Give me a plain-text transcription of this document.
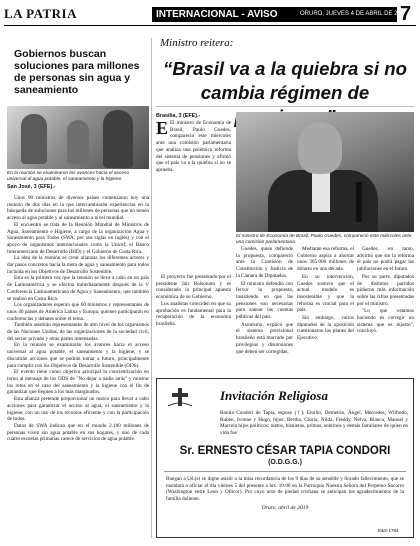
LA PATRIA	INTERNACIONAL - AVISO	ORURO, JUEVES 4 DE ABRIL DE 2019
7
Gobiernos buscan soluciones para millones de personas sin agua y saneamiento
En la reunión se examinaron los avances hacia el acceso universal al agua potable, el saneamiento y la higiene.
San José, 3 (EFE).-

Unos 90 ministros de diversos países comenzaron hoy una reunión de dos días en la que intercambiarán experiencias en la búsqueda de soluciones para los millones de personas que no tienen acceso al agua potable y al saneamiento a nivel mundial.

El encuentro se trata de la Reunión Mundial de Ministros de Agua, Saneamiento e Higiene, a cargo de la organización Agua y Saneamiento para Todos (SWA, por sus siglas en inglés) y con el apoyo de organismos internacionales como la Unicef, el Banco Interamericano de Desarrollo (BID) y el Gobierno de Costa Rica.

La idea de la reunión es crear alianzas los diferentes actores y dar pasos concretos hacia la meta de agua y saneamiento para todos incluida en los Objetivos de Desarrollo Sostenible.

Esta es la primera vez que la reunión se lleva a cabo en un país de Latinoamérica y se efectúa inmediatamente después de la V Conferencia Latinoamericana de Agua y Saneamiento, que también se realizó en Costa Rica.

Los organizadores esperan que 60 ministros y representantes de unos 40 países de América Latina y Europa, quienes participarán en conferencias y debates sobre el tema.

También asistirán representantes de alto nivel de los organismos de las Naciones Unidas, de las organizaciones de la sociedad civil, del sector privado y otras partes interesadas.

En la reunión se examinarán los avances hacia el acceso universal al agua potable, el saneamiento y la higiene, y se discutirán acciones que se podrán tomar a futuro, principalmente para cumplir con los Objetivos de Desarrollo Sostenible (ODS).

El evento tiene como objetivo principal la concientización en torno al mensaje de los ODS de "No dejar a nadie atrás" y mostrar los retos en el caso del saneamiento y la higiene con el fin de garantizar que lleguen a los más marginados.

Esta alianza pretende proporcionar un marco para llevar a cabo acciones para garantizar el acceso al agua, el saneamiento y la higiene, con un uso de los recursos eficiente y con la participación de todos.

Datos de SWA indican que en el mundo 2.100 millones de personas viven sin agua potable en sus hogares, y uno de cada cuatro escuelas primarias carece de servicios de agua potable.

Ministro reitera:
“Brasil va a la quiebra si no cambia régimen de
Brasilia, 3 (EFE).-
E El ministro de Economía de Brasil, Paulo Guedes, compareció este miércoles ante una comisión parlamentaria que analiza una polémica reforma del sistema de pensiones y afirmó que el país va a la quiebra si no se aprueba.
El ministro de Economía de Brasil, Paulo Guedes, compareció este miércoles ante una comisión parlamentaria.

El proyecto fue presentado por el presidente Jair Bolsonaro y es considerado la principal apuesta económica de su Gobierno.

Los analistas coinciden en que su aprobación es fundamental para la recuperación de la economía brasileña.

Guedes, quien defiende la propuesta, compareció ante la Comisión de Constitución y Justicia de la Cámara de Diputados.

El ministro defendió con fervor la propuesta, insistiendo en que las pensiones son necesarias para sanear las cuentas públicas del país.

Asimismo, explicó que el sistema previsional brasileño está marcado por privilegios y distorsiones que deben ser corregidas.

Mediante esa reforma, el Gobierno aspira a ahorrar unos 365.000 millones de dólares en una década.

En su intervención, Guedes sostuvo que el actual modelo es insostenible y que la reforma es crucial para el país.

Sin embargo, varios diputados de la oposición cuestionaron los planes del Ejecutivo.

Guedes, en tanto, advirtió que sin la reforma el país no podrá pagar las jubilaciones en el futuro.

Por su parte, diputados de distintos partidos pidieron más información sobre las cifras presentadas por el ministro.

"Lo que estamos haciendo es corregir un sistema que es injusto", concluyó.

Invitación Religiosa
Bonita Condori de Tapia, esposo (†); Emilio, Demetrio, Ángel, Mercedes, Wilfredo, Rubén, Ivonne y Hugo, hijos; Bertha, Gloria, Nilda, Freddy, Nelva, Blanca, Manuel y Marcela hijos políticos; nietos, bisnietos, primos, sobrinos y demás familiares de quien en vida fue
Sr. ERNESTO CÉSAR TAPIA CONDORI
(O.D.G.G.)
Ruegan a Ud.(s) se digne asistir a la misa recordatoria de los 9 días de su sensible y llorado fallecimiento, que se mandará a oficiar el día viernes 5 del presente a hrs. 19:00 en la Parroquia Nuestra Señora del Perpetuo Socorro (Washington entre Leon y Ollicor). Por cuyo acto de piedad cristiana se anticipan los agradecimientos de la familia doliente.
Oruro, abril de 2019
E&S-1784
